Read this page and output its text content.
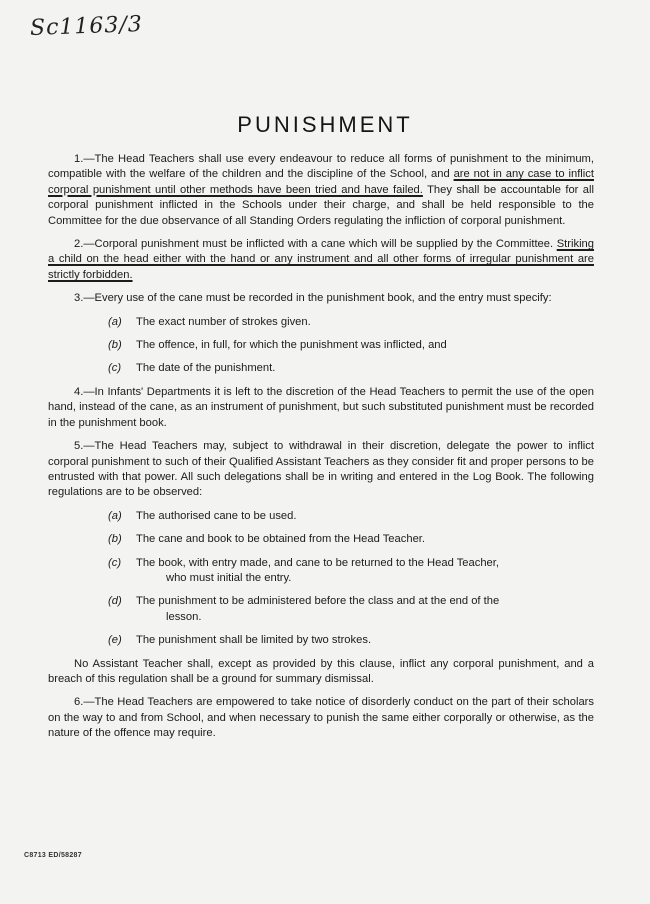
Sc1163/3
PUNISHMENT

1.—The Head Teachers shall use every endeavour to reduce all forms of punishment to the minimum, compatible with the welfare of the children and the discipline of the School, and are not in any case to inflict corporal punishment until other methods have been tried and have failed. They shall be accountable for all corporal punishment inflicted in the Schools under their charge, and shall be held responsible to the Committee for the due observance of all Standing Orders regulating the infliction of corporal punishment.

2.—Corporal punishment must be inflicted with a cane which will be supplied by the Committee. Striking a child on the head either with the hand or any instrument and all other forms of irregular punishment are strictly forbidden.

3.—Every use of the cane must be recorded in the punishment book, and the entry must specify:

(a)	The exact number of strokes given.
(b)	The offence, in full, for which the punishment was inflicted, and
(c)	The date of the punishment.

4.—In Infants' Departments it is left to the discretion of the Head Teachers to permit the use of the open hand, instead of the cane, as an instrument of punishment, but such substituted punishment must be recorded in the punishment book.

5.—The Head Teachers may, subject to withdrawal in their discretion, delegate the power to inflict corporal punishment to such of their Qualified Assistant Teachers as they consider fit and proper persons to be entrusted with that power. All such delegations shall be in writing and entered in the Log Book. The following regulations are to be observed:

(a)	The authorised cane to be used.
(b)	The cane and book to be obtained from the Head Teacher.
(c)	The book, with entry made, and cane to be returned to the Head Teacher,
who must initial the entry.
(d)	The punishment to be administered before the class and at the end of the
lesson.
(e)	The punishment shall be limited by two strokes.

No Assistant Teacher shall, except as provided by this clause, inflict any corporal punishment, and a breach of this regulation shall be a ground for summary dismissal.

6.—The Head Teachers are empowered to take notice of disorderly conduct on the part of their scholars on the way to and from School, and when necessary to punish the same either corporally or otherwise, as the nature of the offence may require.

C8713 ED/58287
